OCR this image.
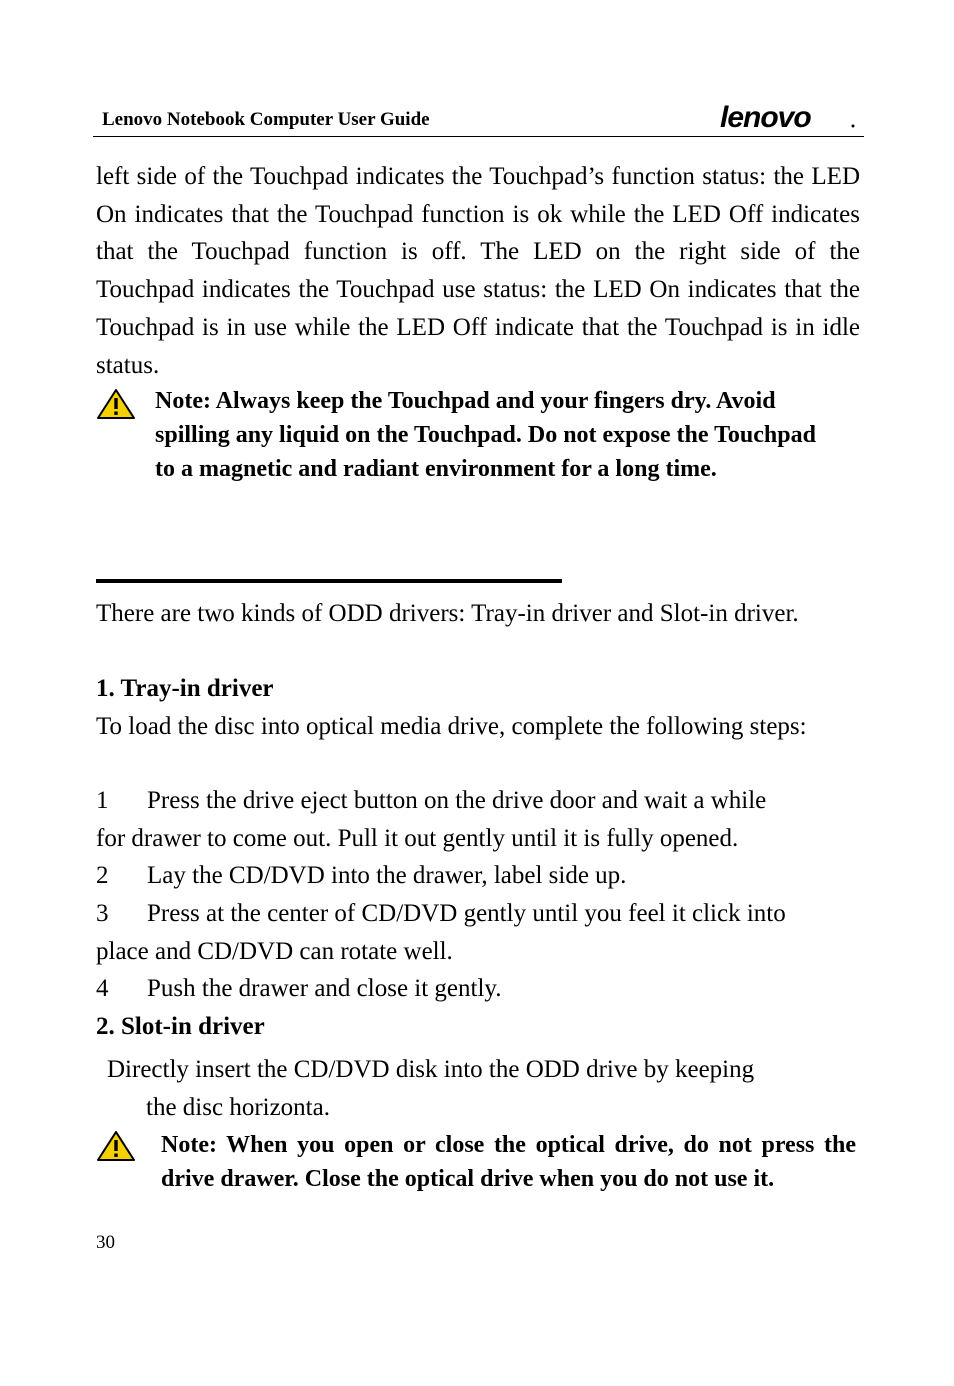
Lenovo Notebook Computer User Guide	lenovo
left side of the Touchpad indicates the Touchpad’s function status: the LED On indicates that the Touchpad function is ok while the LED Off indicates that the Touchpad function is off. The LED on the right side of the Touchpad indicates the Touchpad use status: the LED On indicates that the Touchpad is in use while the LED Off indicate that the Touchpad is in idle status.
Note: Always keep the Touchpad and your fingers dry. Avoid spilling any liquid on the Touchpad. Do not expose the Touchpad to a magnetic and radiant environment for a long time.
There are two kinds of ODD drivers: Tray-in driver and Slot-in driver.
1. Tray-in driver
To load the disc into optical media drive, complete the following steps:
1 Press the drive eject button on the drive door and wait a while
for drawer to come out. Pull it out gently until it is fully opened.
2 Lay the CD/DVD into the drawer, label side up.
3 Press at the center of CD/DVD gently until you feel it click into
place and CD/DVD can rotate well.
4 Push the drawer and close it gently.
2. Slot-in driver
Directly insert the CD/DVD disk into the ODD drive by keeping
the disc horizonta.
Note: When you open or close the optical drive, do not press the drive drawer. Close the optical drive when you do not use it.
30
